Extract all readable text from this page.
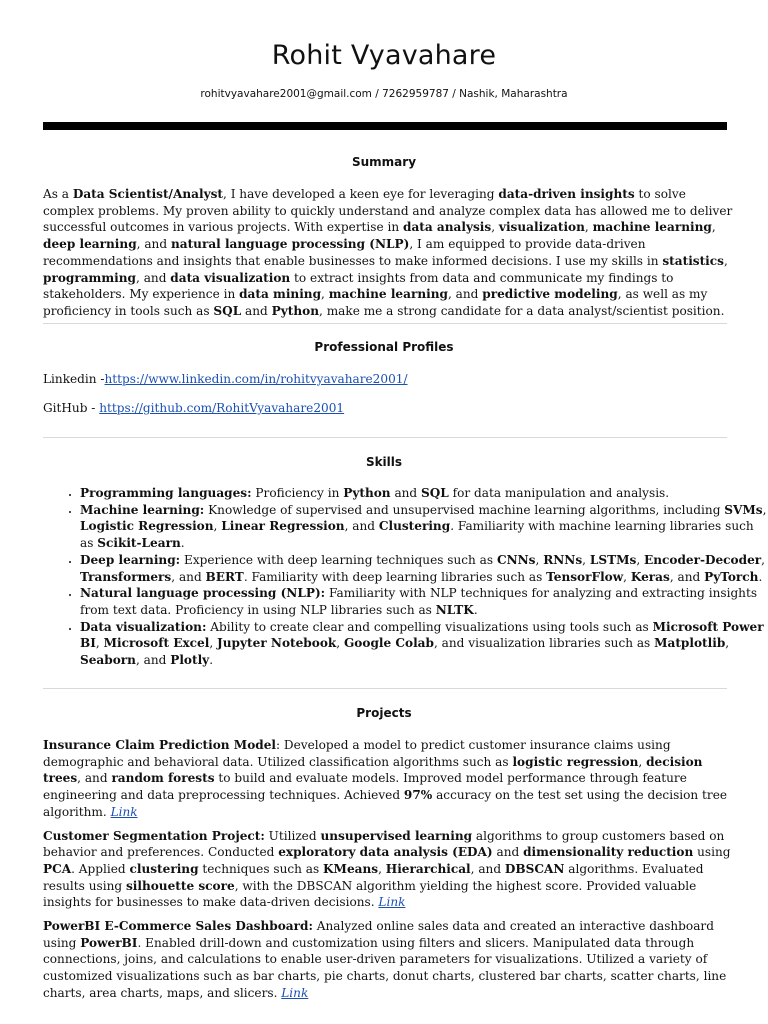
Rohit Vyavahare
rohitvyavahare2001@gmail.com / 7262959787 / Nashik, Maharashtra
Summary
As a Data Scientist/Analyst, I have developed a keen eye for leveraging data-driven insights to solve complex problems. My proven ability to quickly understand and analyze complex data has allowed me to deliver successful outcomes in various projects. With expertise in data analysis, visualization, machine learning, deep learning, and natural language processing (NLP), I am equipped to provide data-driven recommendations and insights that enable businesses to make informed decisions. I use my skills in statistics, programming, and data visualization to extract insights from data and communicate my findings to stakeholders. My experience in data mining, machine learning, and predictive modeling, as well as my proficiency in tools such as SQL and Python, make me a strong candidate for a data analyst/scientist position.
Professional Profiles
Linkedin -https://www.linkedin.com/in/rohitvyavahare2001/
GitHub - https://github.com/RohitVyavahare2001
Skills
• Programming languages: Proficiency in Python and SQL for data manipulation and analysis.
• Machine learning: Knowledge of supervised and unsupervised machine learning algorithms, including SVMs, Logistic Regression, Linear Regression, and Clustering. Familiarity with machine learning libraries such as Scikit-Learn.
• Deep learning: Experience with deep learning techniques such as CNNs, RNNs, LSTMs, Encoder-Decoder, Transformers, and BERT. Familiarity with deep learning libraries such as TensorFlow, Keras, and PyTorch.
• Natural language processing (NLP): Familiarity with NLP techniques for analyzing and extracting insights from text data. Proficiency in using NLP libraries such as NLTK.
• Data visualization: Ability to create clear and compelling visualizations using tools such as Microsoft Power BI, Microsoft Excel, Jupyter Notebook, Google Colab, and visualization libraries such as Matplotlib, Seaborn, and Plotly.
Projects
Insurance Claim Prediction Model: Developed a model to predict customer insurance claims using demographic and behavioral data. Utilized classification algorithms such as logistic regression, decision trees, and random forests to build and evaluate models. Improved model performance through feature engineering and data preprocessing techniques. Achieved 97% accuracy on the test set using the decision tree algorithm. Link
Customer Segmentation Project: Utilized unsupervised learning algorithms to group customers based on behavior and preferences. Conducted exploratory data analysis (EDA) and dimensionality reduction using PCA. Applied clustering techniques such as KMeans, Hierarchical, and DBSCAN algorithms. Evaluated results using silhouette score, with the DBSCAN algorithm yielding the highest score. Provided valuable insights for businesses to make data-driven decisions. Link
PowerBI E-Commerce Sales Dashboard: Analyzed online sales data and created an interactive dashboard using PowerBI. Enabled drill-down and customization using filters and slicers. Manipulated data through connections, joins, and calculations to enable user-driven parameters for visualizations. Utilized a variety of customized visualizations such as bar charts, pie charts, donut charts, clustered bar charts, scatter charts, line charts, area charts, maps, and slicers. Link
